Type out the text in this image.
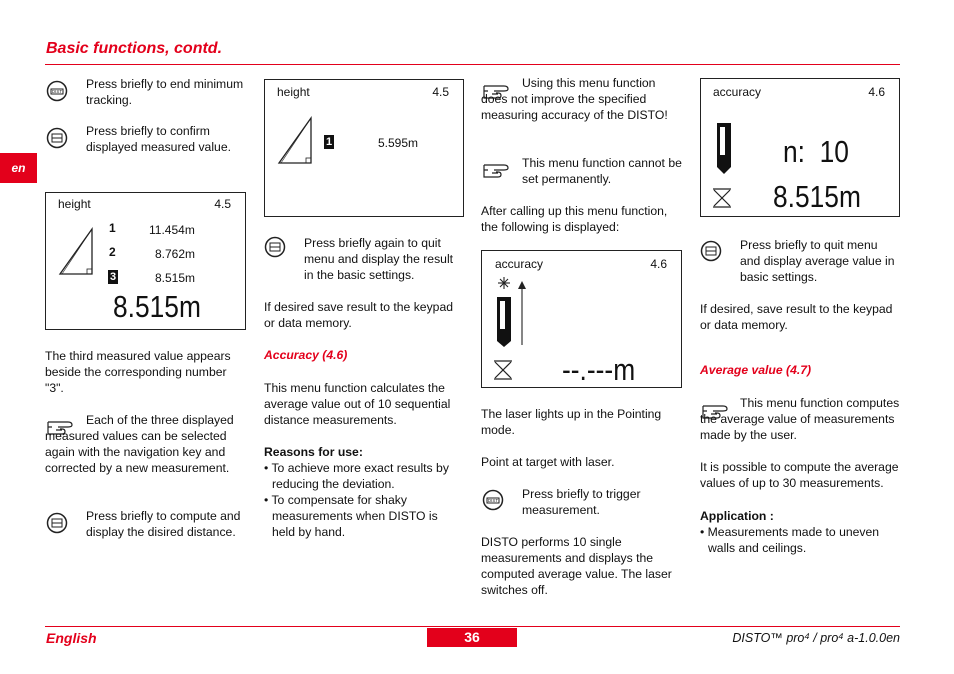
Basic functions, contd.
en
DIST
Press briefly to end minimum tracking.
Press briefly to confirm displayed measured value.
height	4.5
1	11.454m
2	8.762m
3	8.515m
8.515m
The third measured value appears beside the corresponding number "3".
Each of the three displayed measured values can be selected again with the navigation key and corrected by a new measurement.
Press briefly to compute and display the disired distance.
height	4.5
1	5.595m
Press briefly again to quit menu and display the result in the basic settings.
If desired save result to the keypad or data memory.
Accuracy (4.6)
This menu function calculates the average value out of 10 sequential distance measurements.
Reasons for use:
• To achieve more exact results by reducing the deviation.
• To compensate for shaky measurements when DISTO is held by hand.
Using this menu function does not improve the specified measuring accuracy of the DISTO!
This menu function cannot be set permanently.
After calling up this menu function, the following is displayed:
accuracy	4.6
--.---m
The laser lights up in the Pointing mode.
Point at target with laser.
DIST Press briefly to trigger measurement.
DISTO performs 10 single measurements and displays the computed average value. The laser switches off.
accuracy	4.6
n:  10
8.515m
Press briefly to quit menu and display average value in basic settings.
If desired, save result to the keypad or data memory.
Average value (4.7)
This menu function computes the average value of measurements made by the user.
It is possible to compute the average values of up to 30 measurements.
Application :
• Measurements made to uneven walls and ceilings.
English	36	DISTO™ pro⁴ / pro⁴ a-1.0.0en
